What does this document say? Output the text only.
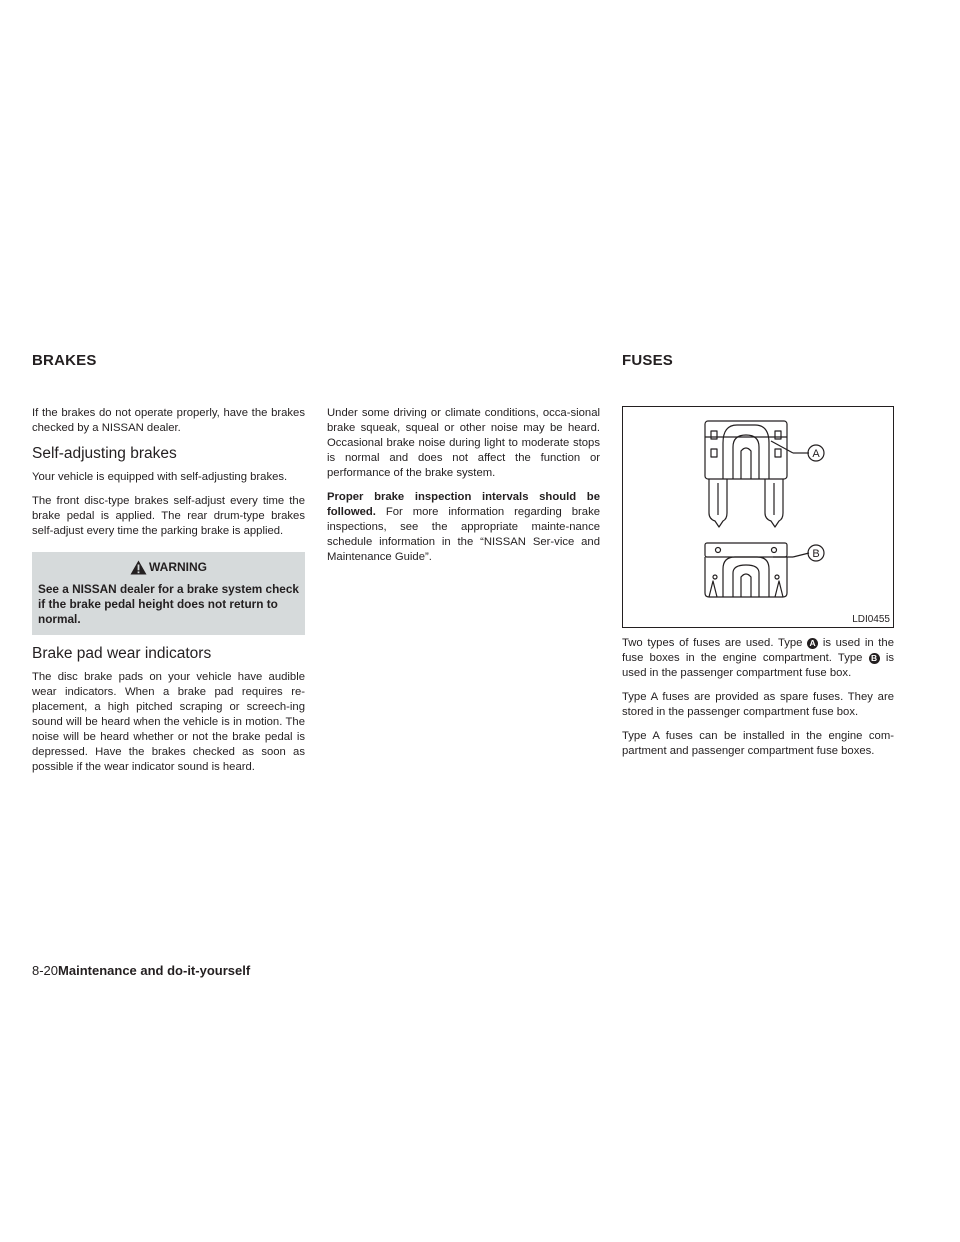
BRAKES	FUSES

If the brakes do not operate properly, have the brakes checked by a NISSAN dealer.

Self-adjusting brakes

Your vehicle is equipped with self-adjusting brakes.

The front disc-type brakes self-adjust every time the brake pedal is applied. The rear drum-type brakes self-adjust every time the parking brake is applied.

WARNING
See a NISSAN dealer for a brake system check if the brake pedal height does not return to normal.
Brake pad wear indicators

The disc brake pads on your vehicle have audible wear indicators. When a brake pad requires re-placement, a high pitched scraping or screech-ing sound will be heard when the vehicle is in motion. The noise will be heard whether or not the brake pedal is depressed. Have the brakes checked as soon as possible if the wear indicator sound is heard.

Under some driving or climate conditions, occa-sional brake squeak, squeal or other noise may be heard. Occasional brake noise during light to moderate stops is normal and does not affect the function or performance of the brake system.

Proper brake inspection intervals should be followed. For more information regarding brake inspections, see the appropriate mainte-nance schedule information in the “NISSAN Ser-vice and Maintenance Guide”.

A
B
LDI0455

Two types of fuses are used. Type A is used in the fuse boxes in the engine compartment. Type B is used in the passenger compartment fuse box.

Type A fuses are provided as spare fuses. They are stored in the passenger compartment fuse box.

Type A fuses can be installed in the engine com-partment and passenger compartment fuse boxes.

8-20Maintenance and do-it-yourself
